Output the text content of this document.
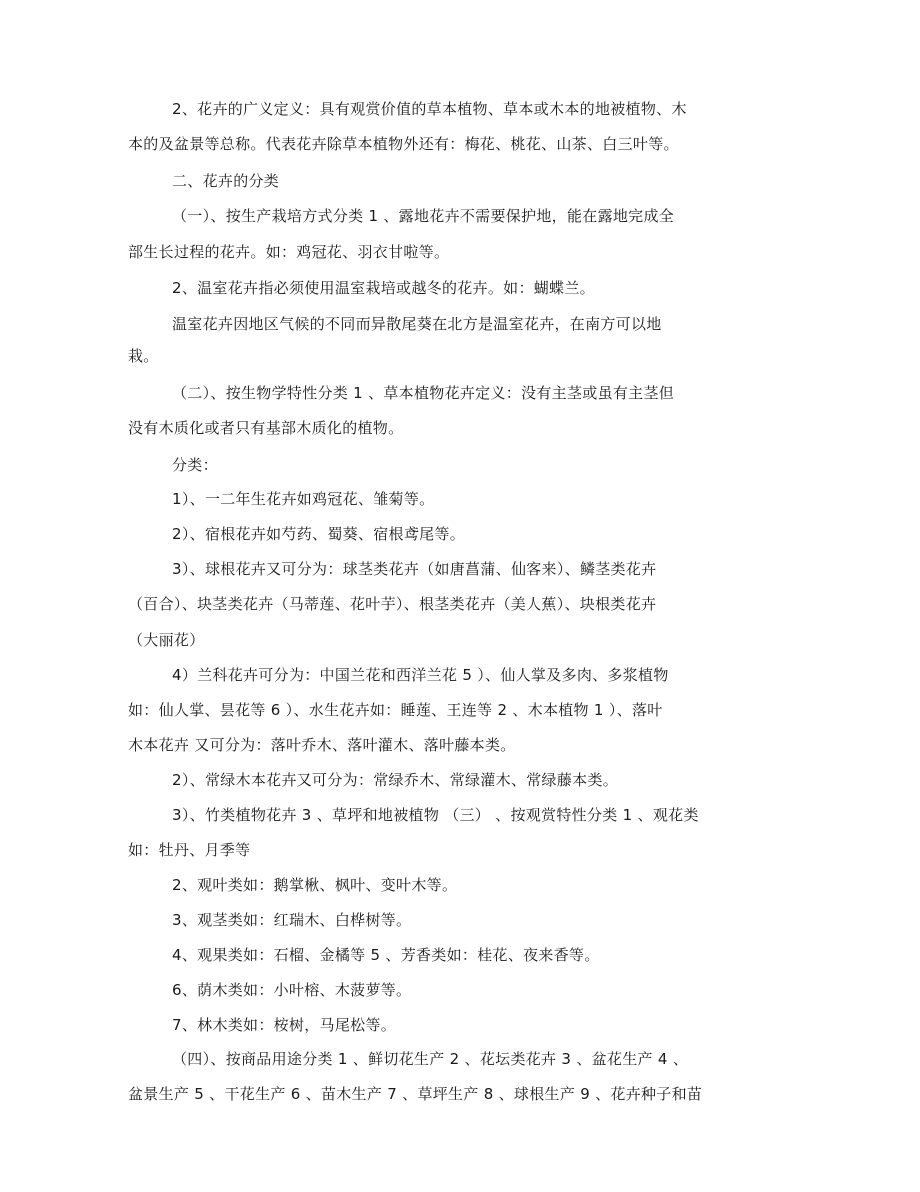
2、花卉的广义定义：具有观赏价值的草本植物、草本或木本的地被植物、木
本的及盆景等总称。代表花卉除草本植物外还有：梅花、桃花、山茶、白三叶等。
二、花卉的分类
（一）、按生产栽培方式分类 1 、露地花卉不需要保护地，能在露地完成全
部生长过程的花卉。如：鸡冠花、羽衣甘啦等。
2、温室花卉指必须使用温室栽培或越冬的花卉。如：蝴蝶兰。
温室花卉因地区气候的不同而异散尾葵在北方是温室花卉，在南方可以地
栽。
（二）、按生物学特性分类 1 、草本植物花卉定义：没有主茎或虽有主茎但
没有木质化或者只有基部木质化的植物。
分类：
1）、一二年生花卉如鸡冠花、雏菊等。
2）、宿根花卉如芍药、蜀葵、宿根鸢尾等。
3）、球根花卉又可分为：球茎类花卉（如唐菖蒲、仙客来）、鳞茎类花卉
（百合）、块茎类花卉（马蒂莲、花叶芋）、根茎类花卉（美人蕉）、块根类花卉
（大丽花）
4）兰科花卉可分为：中国兰花和西洋兰花 5 ）、仙人掌及多肉、多浆植物
如：仙人掌、昙花等 6 ）、水生花卉如：睡莲、王连等 2 、木本植物 1 ）、落叶
木本花卉 又可分为：落叶乔木、落叶灌木、落叶藤本类。
2）、常绿木本花卉又可分为：常绿乔木、常绿灌木、常绿藤本类。
3）、竹类植物花卉 3 、草坪和地被植物 （三） 、按观赏特性分类 1 、观花类
如：牡丹、月季等
2、观叶类如：鹅掌楸、枫叶、变叶木等。
3、观茎类如：红瑞木、白桦树等。
4、观果类如：石榴、金橘等 5 、芳香类如：桂花、夜来香等。
6、荫木类如：小叶榕、木菠萝等。
7、林木类如：桉树，马尾松等。
（四）、按商品用途分类 1 、鲜切花生产 2 、花坛类花卉 3 、盆花生产 4 、
盆景生产 5 、干花生产 6 、苗木生产 7 、草坪生产 8 、球根生产 9 、花卉种子和苗
